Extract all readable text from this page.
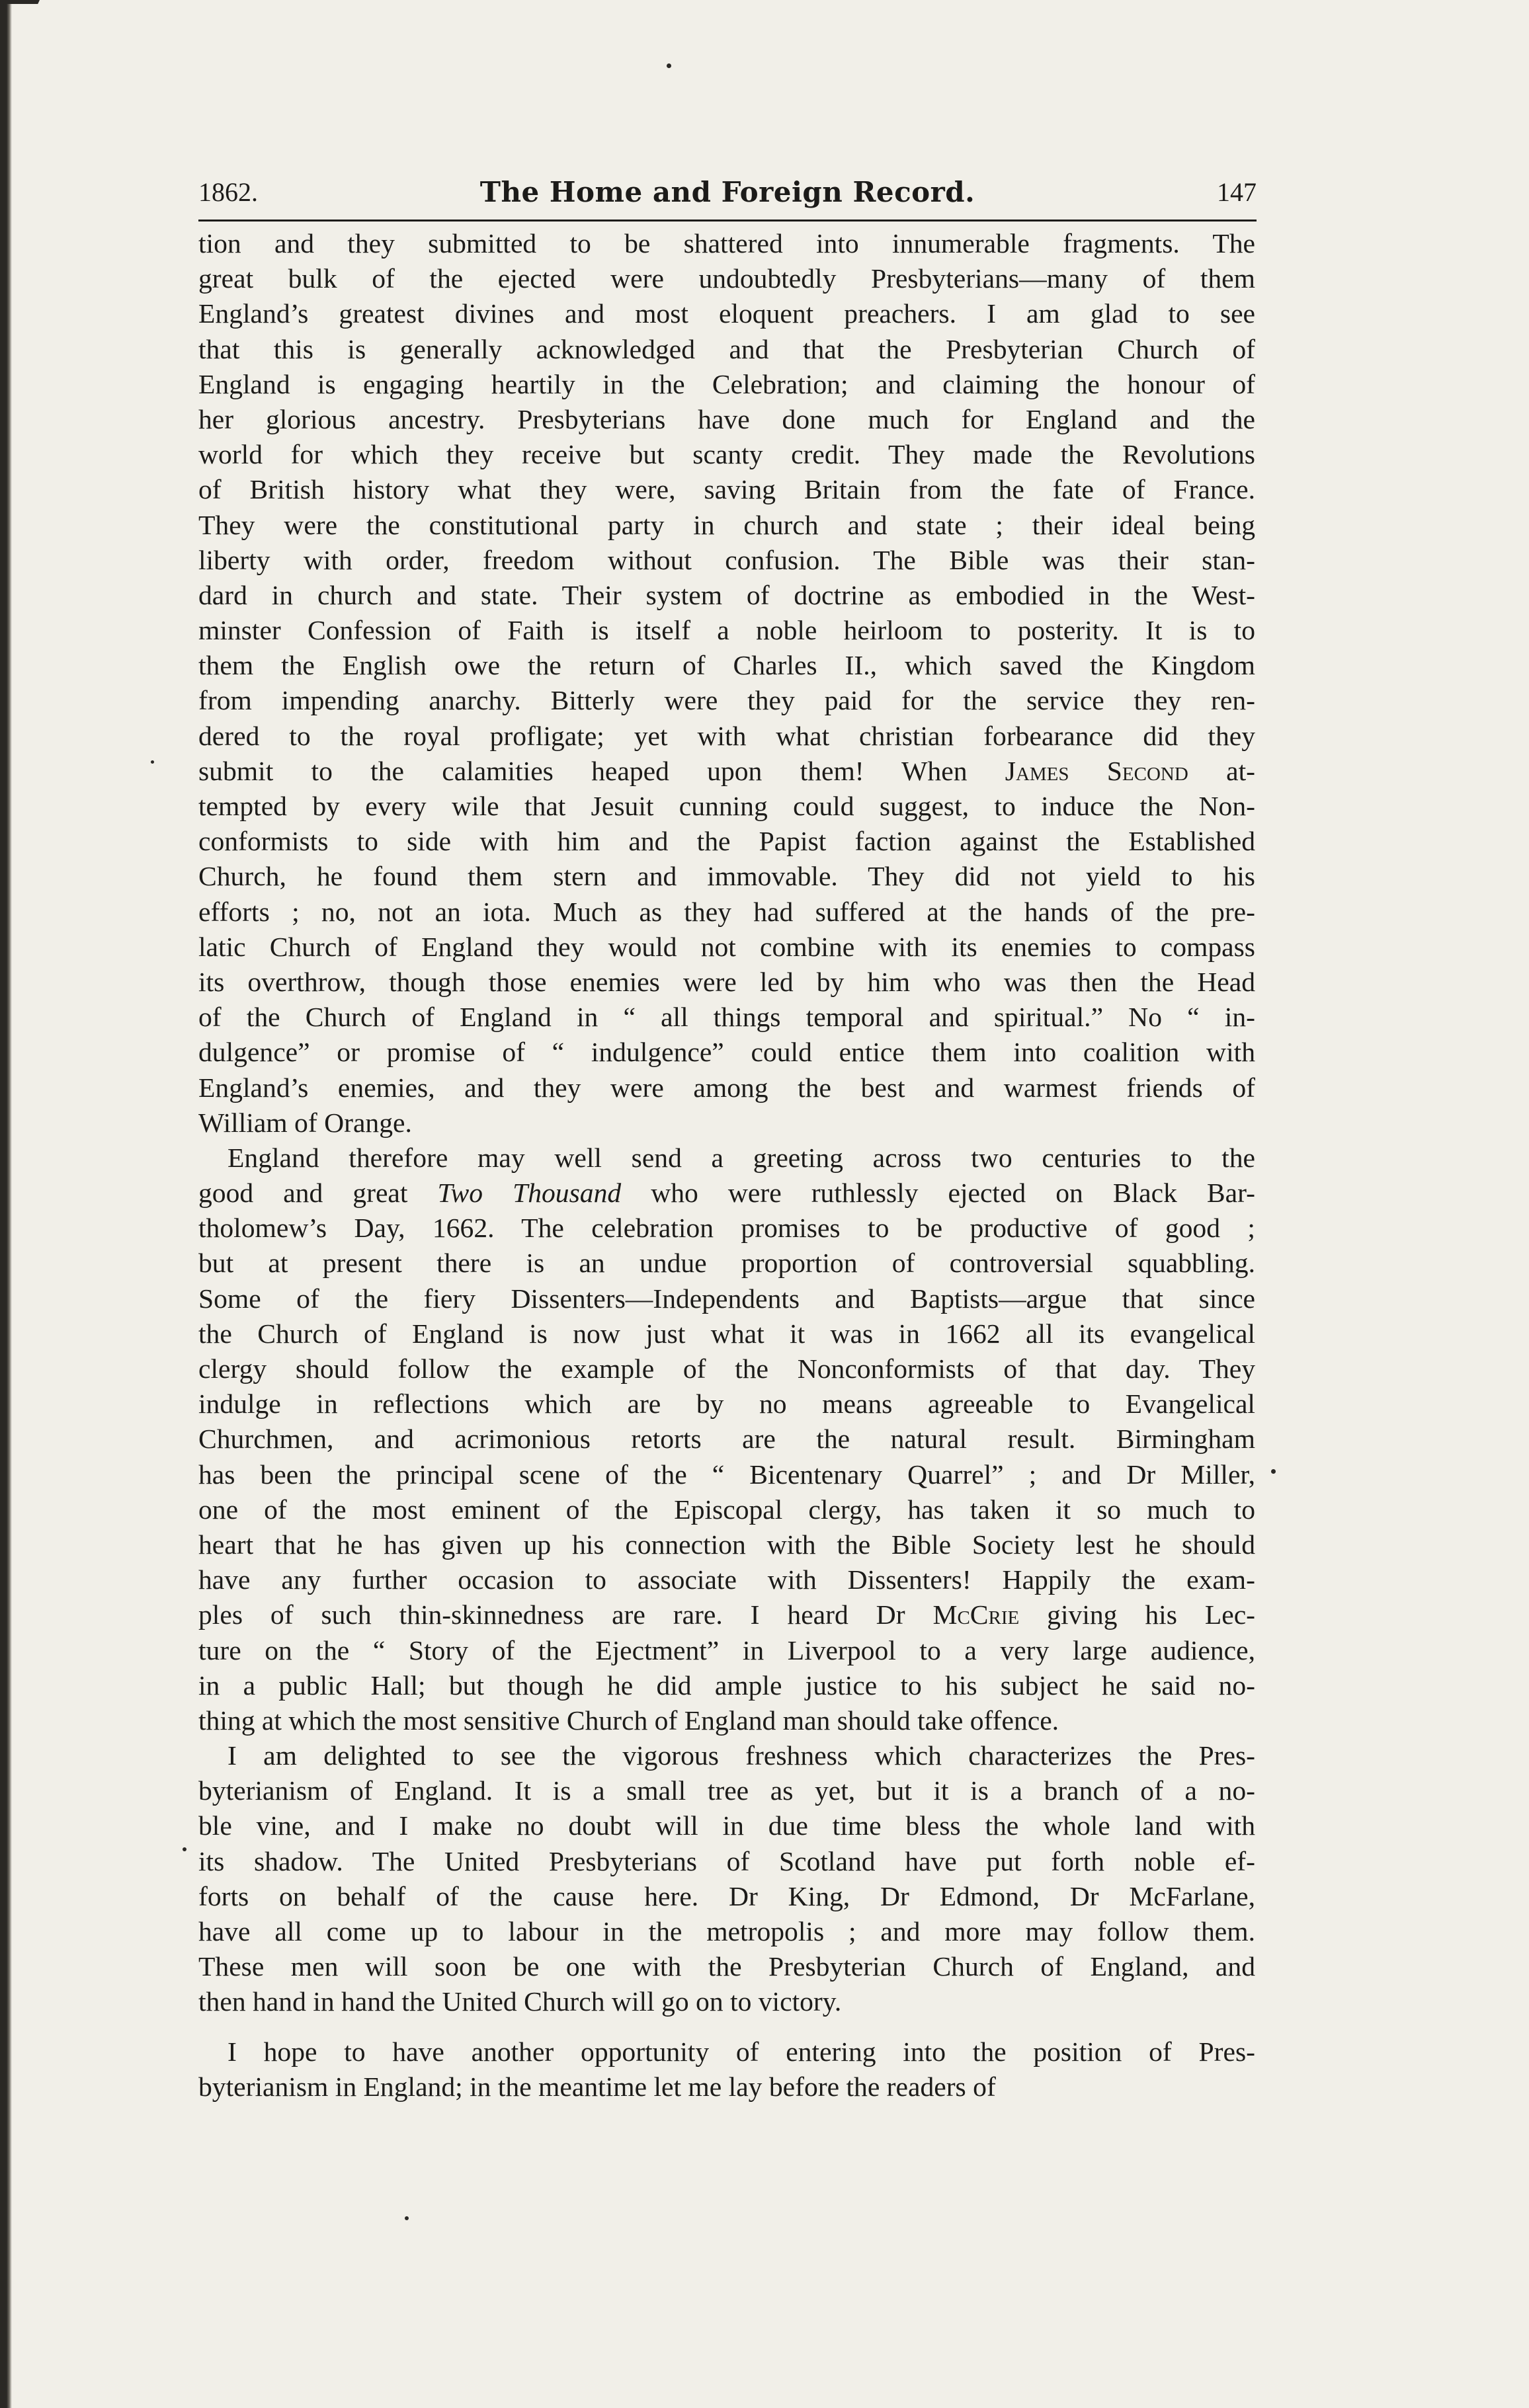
1862.	The Home and Foreign Record.	147
tion and they submitted to be shattered into innumerable fragments. The
great bulk of the ejected were undoubtedly Presbyterians—many of them
England’s greatest divines and most eloquent preachers. I am glad to see
that this is generally acknowledged and that the Presbyterian Church of
England is engaging heartily in the Celebration; and claiming the honour of
her glorious ancestry. Presbyterians have done much for England and the
world for which they receive but scanty credit. They made the Revolutions
of British history what they were, saving Britain from the fate of France.
They were the constitutional party in church and state ; their ideal being
liberty with order, freedom without confusion. The Bible was their stan-
dard in church and state. Their system of doctrine as embodied in the West-
minster Confession of Faith is itself a noble heirloom to posterity. It is to
them the English owe the return of Charles II., which saved the Kingdom
from impending anarchy. Bitterly were they paid for the service they ren-
dered to the royal profligate; yet with what christian forbearance did they
submit to the calamities heaped upon them! When James Second at-
tempted by every wile that Jesuit cunning could suggest, to induce the Non-
conformists to side with him and the Papist faction against the Established
Church, he found them stern and immovable. They did not yield to his
efforts ; no, not an iota. Much as they had suffered at the hands of the pre-
latic Church of England they would not combine with its enemies to compass
its overthrow, though those enemies were led by him who was then the Head
of the Church of England in “ all things temporal and spiritual.” No “ in-
dulgence” or promise of “ indulgence” could entice them into coalition with
England’s enemies, and they were among the best and warmest friends of
William of Orange.
England therefore may well send a greeting across two centuries to the
good and great Two Thousand who were ruthlessly ejected on Black Bar-
tholomew’s Day, 1662. The celebration promises to be productive of good ;
but at present there is an undue proportion of controversial squabbling.
Some of the fiery Dissenters—Independents and Baptists—argue that since
the Church of England is now just what it was in 1662 all its evangelical
clergy should follow the example of the Nonconformists of that day. They
indulge in reflections which are by no means agreeable to Evangelical
Churchmen, and acrimonious retorts are the natural result. Birmingham
has been the principal scene of the “ Bicentenary Quarrel” ; and Dr Miller,
one of the most eminent of the Episcopal clergy, has taken it so much to
heart that he has given up his connection with the Bible Society lest he should
have any further occasion to associate with Dissenters! Happily the exam-
ples of such thin-skinnedness are rare. I heard Dr McCrie giving his Lec-
ture on the “ Story of the Ejectment” in Liverpool to a very large audience,
in a public Hall; but though he did ample justice to his subject he said no-
thing at which the most sensitive Church of England man should take offence.
I am delighted to see the vigorous freshness which characterizes the Pres-
byterianism of England. It is a small tree as yet, but it is a branch of a no-
ble vine, and I make no doubt will in due time bless the whole land with
its shadow. The United Presbyterians of Scotland have put forth noble ef-
forts on behalf of the cause here. Dr King, Dr Edmond, Dr McFarlane,
have all come up to labour in the metropolis ; and more may follow them.
These men will soon be one with the Presbyterian Church of England, and
then hand in hand the United Church will go on to victory.
I hope to have another opportunity of entering into the position of Pres-
byterianism in England; in the meantime let me lay before the readers of
